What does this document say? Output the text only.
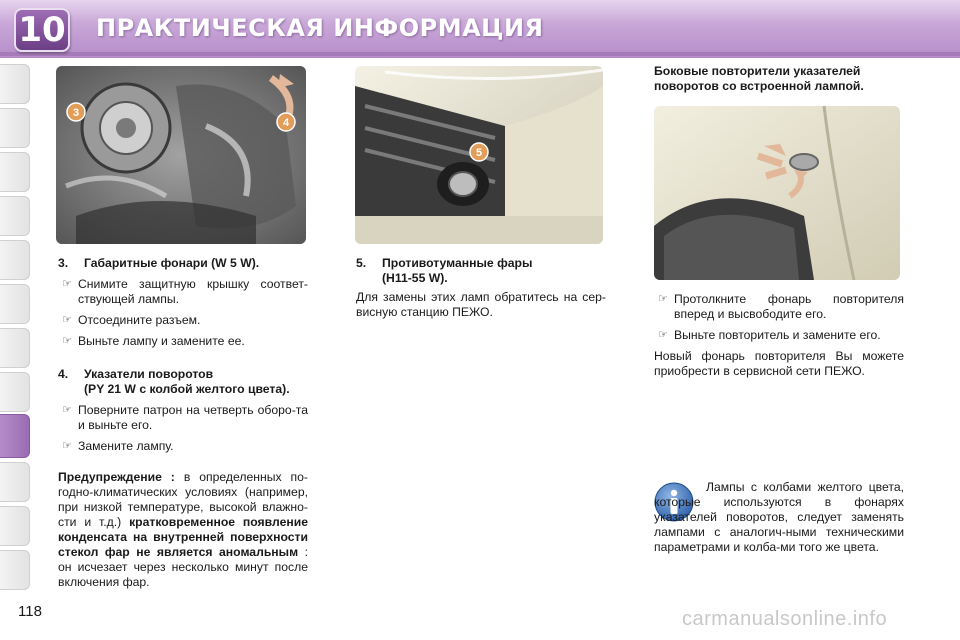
10 ПРАКТИЧЕСКАЯ ИНФОРМАЦИЯ
3
4
5
3.	Габаритные фонари (W 5 W).
☞ Снимите защитную крышку соответ-ствующей лампы.
☞ Отсоедините разъем.
☞ Выньте лампу и замените ее.
4.	Указатели поворотов
(PY 21 W с колбой желтого цвета).
☞ Поверните патрон на четверть оборо-та и выньте его.
☞ Замените лампу.
Предупреждение : в определенных по-годно-климатических условиях (например, при низкой температуре, высокой влажно-сти и т.д.) кратковременное появление конденсата на внутренней поверхности стекол фар не является аномальным : он исчезает через несколько минут после включения фар.
5.	Противотуманные фары
(H11-55 W).
Для замены этих ламп обратитесь на сер-висную станцию ПЕЖО.
Боковые повторители указателей поворотов со встроенной лампой.
☞ Протолкните фонарь повторителя вперед и высвободите его.
☞ Выньте повторитель и замените его.
Новый фонарь повторителя Вы можете приобрести в сервисной сети ПЕЖО.
Лампы с колбами желтого цвета, которые используются в фонарях указателей поворотов, следует заменять лампами с аналогич-ными техническими параметрами и колба-ми того же цвета.
118	carmanualsonline.info
